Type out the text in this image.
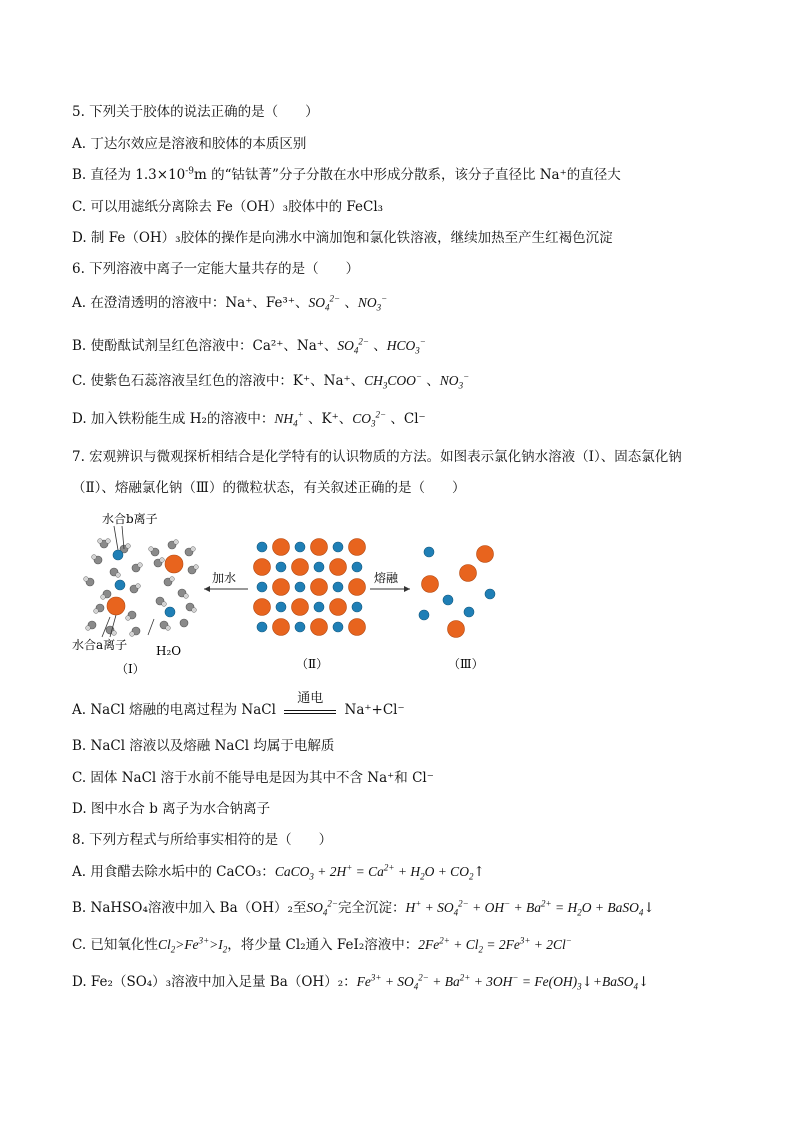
5. 下列关于胶体的说法正确的是（　　）
A. 丁达尔效应是溶液和胶体的本质区别
B. 直径为 $1.3\times 10^{-9}m$ 的“钴钛菁”分子分散在水中形成分散系，该分子直径比 Na⁺的直径大
C. 可以用滤纸分离除去 Fe（OH）₃胶体中的 FeCl₃
D. 制 Fe（OH）₃胶体的操作是向沸水中滴加饱和氯化铁溶液，继续加热至产生红褐色沉淀
6. 下列溶液中离子一定能大量共存的是（　　）
A. 在澄清透明的溶液中：Na⁺、Fe³⁺、$SO_4^{2-}$ 、$NO_3^-$
B. 使酚酞试剂呈红色溶液中：Ca²⁺、Na⁺、$SO_4^{2-}$ 、$HCO_3^-$
C. 使紫色石蕊溶液呈红色的溶液中：K⁺、Na⁺、$CH_3COO^-$ 、$NO_3^-$
D. 加入铁粉能生成 H₂的溶液中：$NH_4^+$ 、K⁺、$CO_3^{2-}$ 、Cl⁻
7. 宏观辨识与微观探析相结合是化学特有的认识物质的方法。如图表示氯化钠水溶液（Ⅰ）、固态氯化钠
（Ⅱ）、熔融氯化钠（Ⅲ）的微粒状态，有关叙述正确的是（　　）
水合b离子
水合a离子 H₂O
（Ⅰ）
加水
（Ⅱ）
熔融
（Ⅲ）
A. NaCl 熔融的电离过程为 NaCl
通电
Na⁺+Cl⁻
B. NaCl 溶液以及熔融 NaCl 均属于电解质
C. 固体 NaCl 溶于水前不能导电是因为其中不含 Na⁺和 Cl⁻
D. 图中水合 b 离子为水合钠离子
8. 下列方程式与所给事实相符的是（　　）
A. 用食醋去除水垢中的 CaCO₃：CaCO$_3$ + $2H^+ = Ca^{2+} + H_2O$ + $CO_2↑$
B. NaHSO₄溶液中加入 Ba（OH）₂至$SO_4^{2-}$完全沉淀：$H^+ + SO_4^{2-} + OH^- + Ba^{2+} = H_2O$ + BaSO$_4$↓
C. 已知氧化性$Cl_2>Fe^{3+}>I_2$，将少量 Cl₂通入 FeI₂溶液中：$2Fe^{2+} + Cl_2 = 2Fe^{3+} + 2Cl^-$
D. Fe₂（SO₄）₃溶液中加入足量 Ba（OH）₂：$Fe^{3+} + SO_4^{2-} + Ba^{2+} + 3OH^-$ = $Fe(OH)_3↓+BaSO_4↓$
